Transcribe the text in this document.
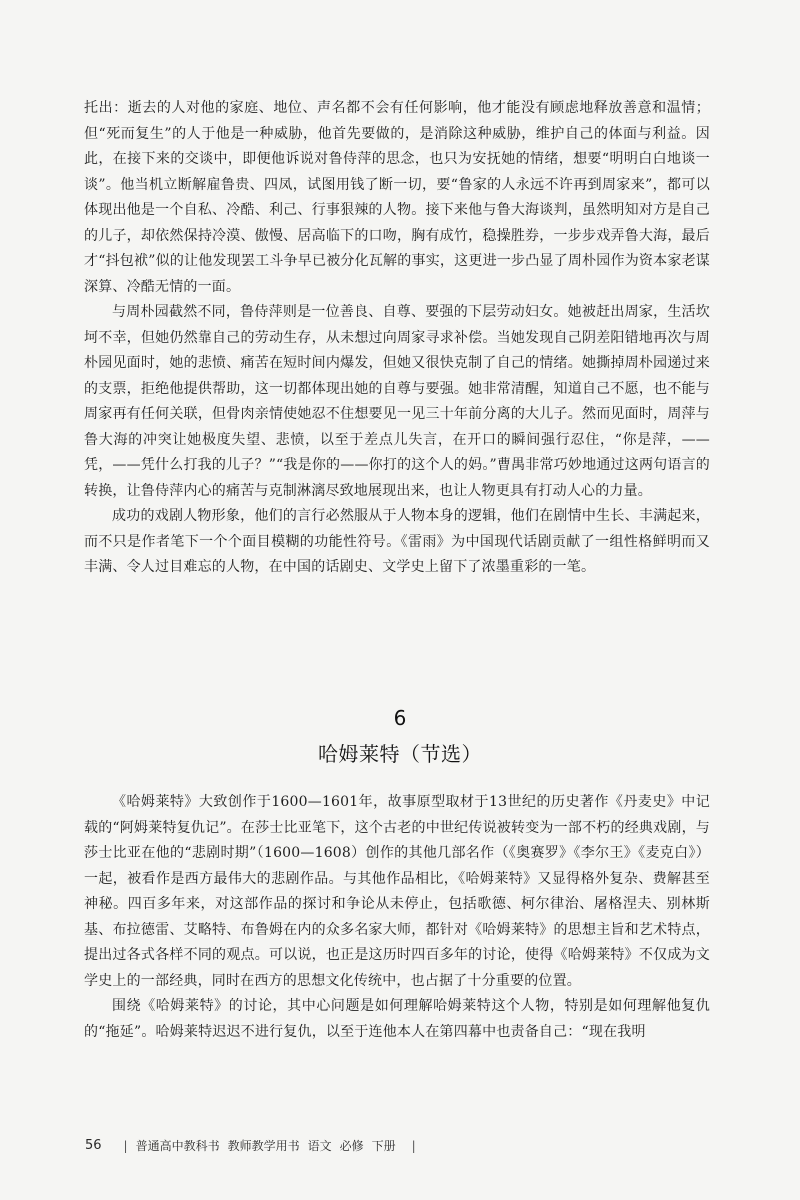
托出：逝去的人对他的家庭、地位、声名都不会有任何影响，他才能没有顾虑地释放善意和温情；但“死而复生”的人于他是一种威胁，他首先要做的，是消除这种威胁，维护自己的体面与利益。因此，在接下来的交谈中，即便他诉说对鲁侍萍的思念，也只为安抚她的情绪，想要“明明白白地谈一谈”。他当机立断解雇鲁贵、四凤，试图用钱了断一切，要“鲁家的人永远不许再到周家来”，都可以体现出他是一个自私、冷酷、利己、行事狠辣的人物。接下来他与鲁大海谈判，虽然明知对方是自己的儿子，却依然保持冷漠、傲慢、居高临下的口吻，胸有成竹，稳操胜券，一步步戏弄鲁大海，最后才“抖包袱”似的让他发现罢工斗争早已被分化瓦解的事实，这更进一步凸显了周朴园作为资本家老谋深算、冷酷无情的一面。

与周朴园截然不同，鲁侍萍则是一位善良、自尊、要强的下层劳动妇女。她被赶出周家，生活坎坷不幸，但她仍然靠自己的劳动生存，从未想过向周家寻求补偿。当她发现自己阴差阳错地再次与周朴园见面时，她的悲愤、痛苦在短时间内爆发，但她又很快克制了自己的情绪。她撕掉周朴园递过来的支票，拒绝他提供帮助，这一切都体现出她的自尊与要强。她非常清醒，知道自己不愿，也不能与周家再有任何关联，但骨肉亲情使她忍不住想要见一见三十年前分离的大儿子。然而见面时，周萍与鲁大海的冲突让她极度失望、悲愤，以至于差点儿失言，在开口的瞬间强行忍住，“你是萍，——凭，——凭什么打我的儿子？”“我是你的——你打的这个人的妈。”曹禺非常巧妙地通过这两句语言的转换，让鲁侍萍内心的痛苦与克制淋漓尽致地展现出来，也让人物更具有打动人心的力量。

成功的戏剧人物形象，他们的言行必然服从于人物本身的逻辑，他们在剧情中生长、丰满起来，而不只是作者笔下一个个面目模糊的功能性符号。《雷雨》为中国现代话剧贡献了一组性格鲜明而又丰满、令人过目难忘的人物，在中国的话剧史、文学史上留下了浓墨重彩的一笔。

6
哈姆莱特（节选）

《哈姆莱特》大致创作于1600—1601年，故事原型取材于13世纪的历史著作《丹麦史》中记载的“阿姆莱特复仇记”。在莎士比亚笔下，这个古老的中世纪传说被转变为一部不朽的经典戏剧，与莎士比亚在他的“悲剧时期”（1600—1608）创作的其他几部名作（《奥赛罗》《李尔王》《麦克白》）一起，被看作是西方最伟大的悲剧作品。与其他作品相比，《哈姆莱特》又显得格外复杂、费解甚至神秘。四百多年来，对这部作品的探讨和争论从未停止，包括歌德、柯尔律治、屠格涅夫、别林斯基、布拉德雷、艾略特、布鲁姆在内的众多名家大师，都针对《哈姆莱特》的思想主旨和艺术特点，提出过各式各样不同的观点。可以说，也正是这历时四百多年的讨论，使得《哈姆莱特》不仅成为文学史上的一部经典，同时在西方的思想文化传统中，也占据了十分重要的位置。

围绕《哈姆莱特》的讨论，其中心问题是如何理解哈姆莱特这个人物，特别是如何理解他复仇的“拖延”。哈姆莱特迟迟不进行复仇，以至于连他本人在第四幕中也责备自己：“现在我明

56 | 普通高中教科书 教师教学用书 语文 必修 下册 |
